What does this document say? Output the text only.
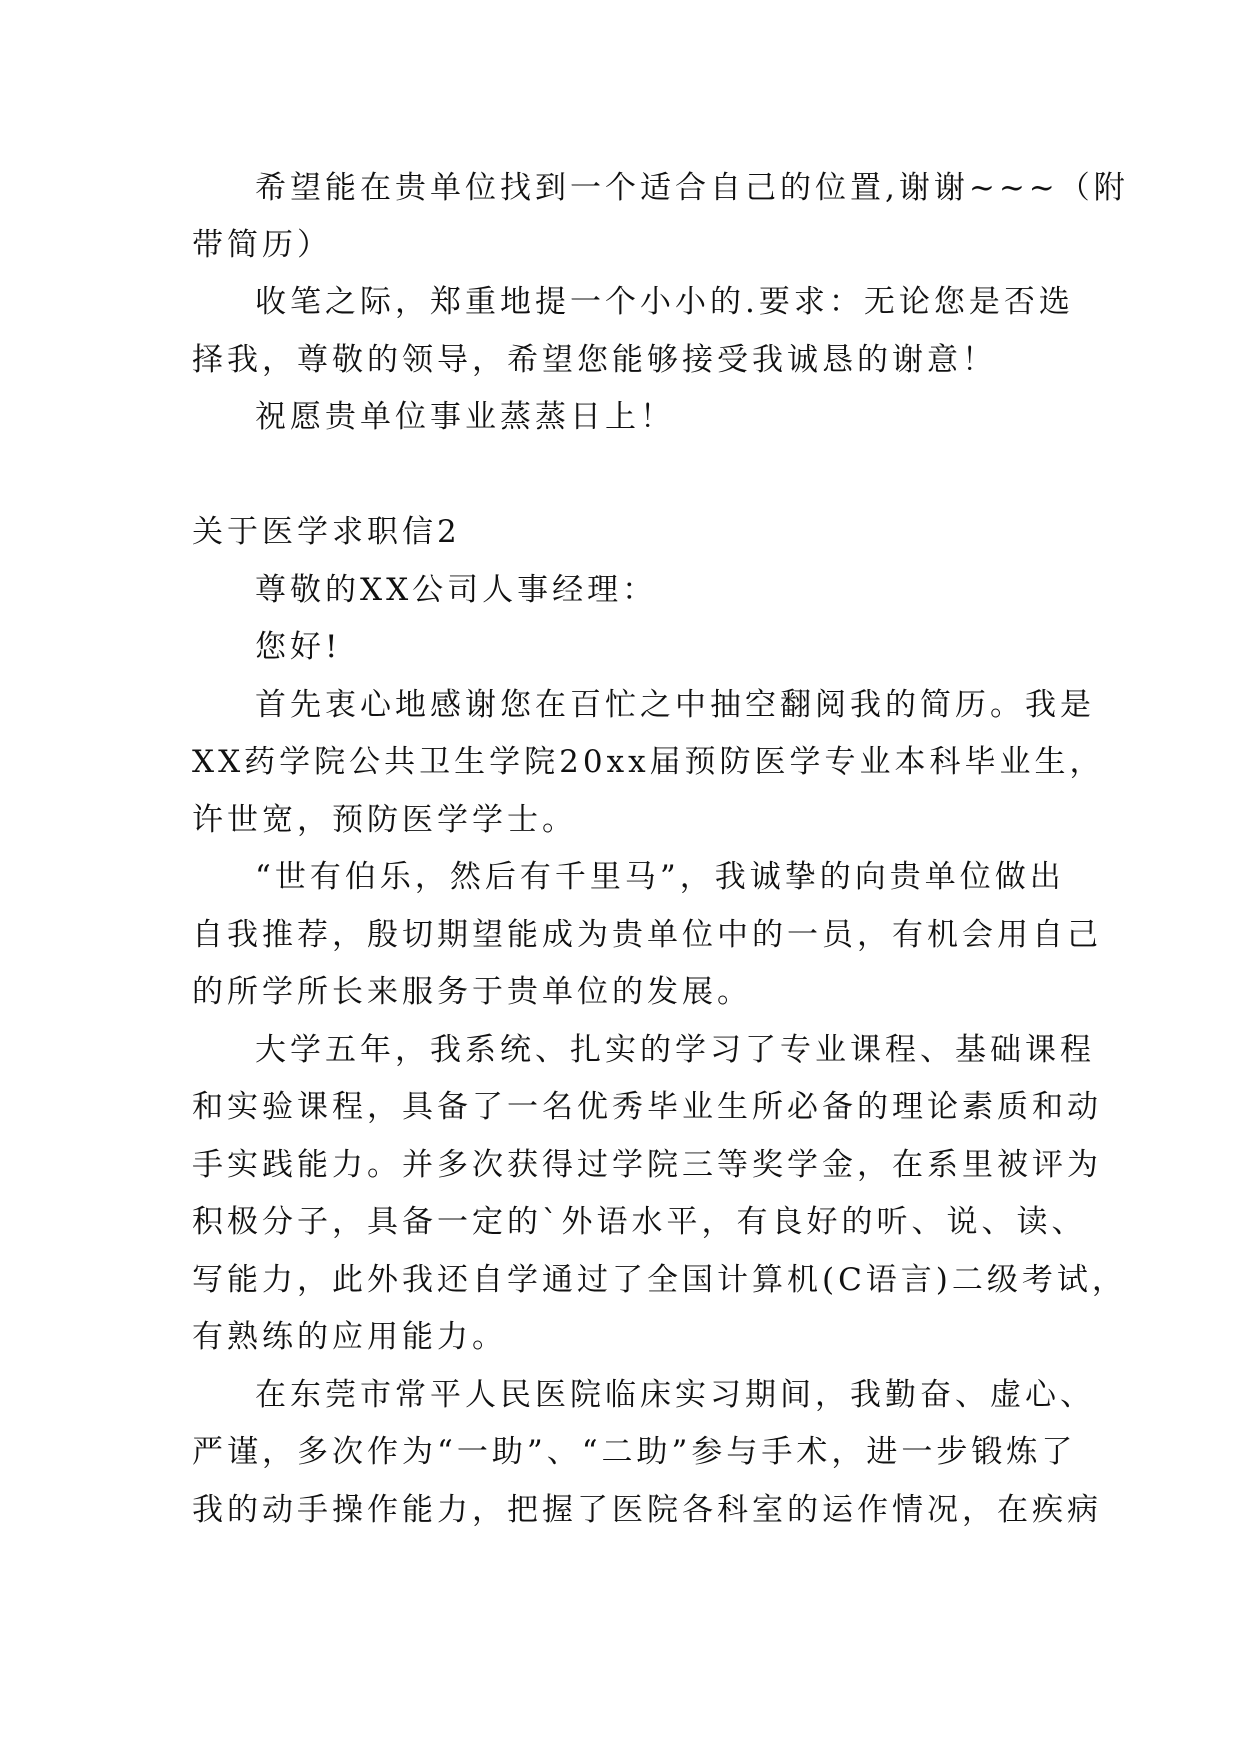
希望能在贵单位找到一个适合自己的位置,谢谢~~~（附
带简历）
收笔之际，郑重地提一个小小的.要求：无论您是否选
择我，尊敬的领导，希望您能够接受我诚恳的谢意！
祝愿贵单位事业蒸蒸日上！
关于医学求职信2
尊敬的XX公司人事经理：
您好!
首先衷心地感谢您在百忙之中抽空翻阅我的简历。我是
XX药学院公共卫生学院20xx届预防医学专业本科毕业生，
许世宽，预防医学学士。
“世有伯乐，然后有千里马”，我诚挚的向贵单位做出
自我推荐，殷切期望能成为贵单位中的一员，有机会用自己
的所学所长来服务于贵单位的发展。
大学五年，我系统、扎实的学习了专业课程、基础课程
和实验课程，具备了一名优秀毕业生所必备的理论素质和动
手实践能力。并多次获得过学院三等奖学金，在系里被评为
积极分子，具备一定的`外语水平，有良好的听、说、读、
写能力，此外我还自学通过了全国计算机(C语言)二级考试，
有熟练的应用能力。
在东莞市常平人民医院临床实习期间，我勤奋、虚心、
严谨，多次作为“一助”、“二助”参与手术，进一步锻炼了
我的动手操作能力，把握了医院各科室的运作情况，在疾病
